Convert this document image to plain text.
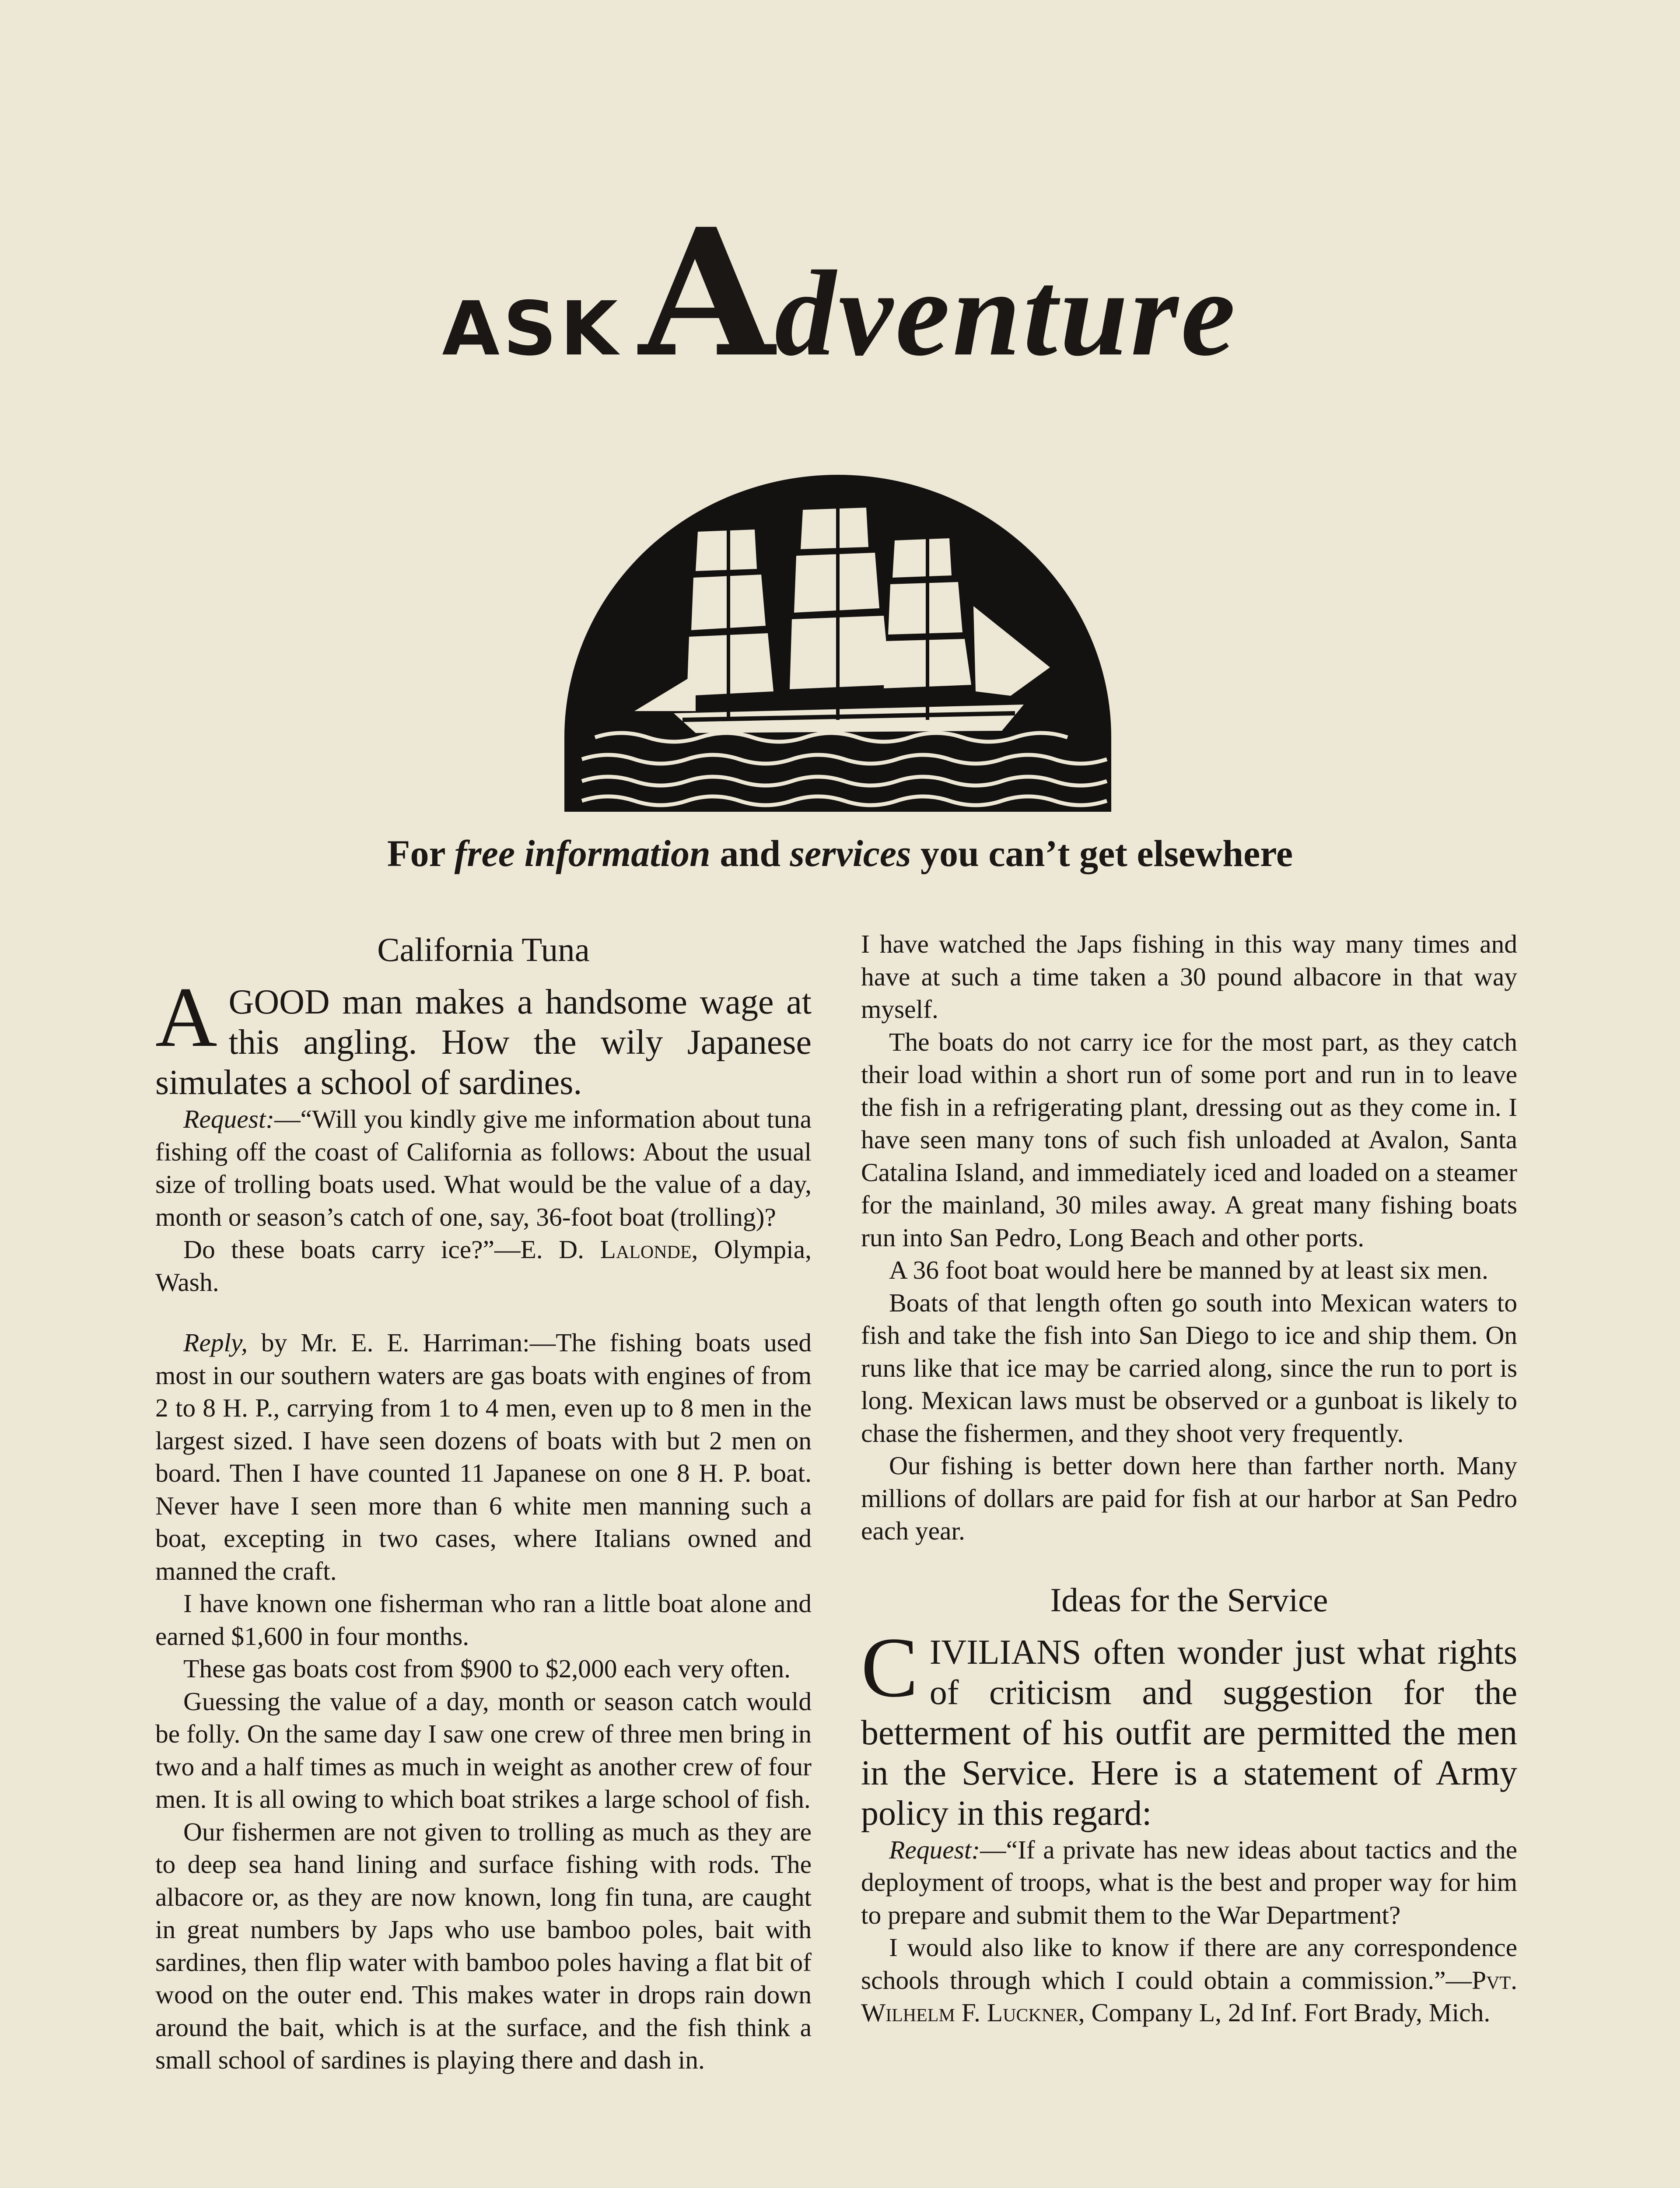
ASK Adventure
For free information and services you can’t get elsewhere
California Tuna

AGOOD man makes a handsome wage at this angling. How the wily Japanese simulates a school of sardines.

Request:—“Will you kindly give me information about tuna fishing off the coast of California as follows: About the usual size of trolling boats used. What would be the value of a day, month or season’s catch of one, say, 36-foot boat (trolling)?

Do these boats carry ice?”—E. D. Lalonde, Olympia, Wash.

Reply, by Mr. E. E. Harriman:—The fishing boats used most in our southern waters are gas boats with engines of from 2 to 8 H. P., carrying from 1 to 4 men, even up to 8 men in the largest sized. I have seen dozens of boats with but 2 men on board. Then I have counted 11 Japanese on one 8 H. P. boat. Never have I seen more than 6 white men manning such a boat, excepting in two cases, where Italians owned and manned the craft.

I have known one fisherman who ran a little boat alone and earned $1,600 in four months.

These gas boats cost from $900 to $2,000 each very often.

Guessing the value of a day, month or season catch would be folly. On the same day I saw one crew of three men bring in two and a half times as much in weight as another crew of four men. It is all owing to which boat strikes a large school of fish.

Our fishermen are not given to trolling as much as they are to deep sea hand lining and surface fishing with rods. The albacore or, as they are now known, long fin tuna, are caught in great numbers by Japs who use bamboo poles, bait with sardines, then flip water with bamboo poles having a flat bit of wood on the outer end. This makes water in drops rain down around the bait, which is at the surface, and the fish think a small school of sardines is playing there and dash in.

I have watched the Japs fishing in this way many times and have at such a time taken a 30 pound albacore in that way myself.

The boats do not carry ice for the most part, as they catch their load within a short run of some port and run in to leave the fish in a refrigerating plant, dressing out as they come in. I have seen many tons of such fish unloaded at Avalon, Santa Catalina Island, and immediately iced and loaded on a steamer for the mainland, 30 miles away. A great many fishing boats run into San Pedro, Long Beach and other ports.

A 36 foot boat would here be manned by at least six men.

Boats of that length often go south into Mexican waters to fish and take the fish into San Diego to ice and ship them. On runs like that ice may be carried along, since the run to port is long. Mexican laws must be observed or a gunboat is likely to chase the fishermen, and they shoot very frequently.

Our fishing is better down here than farther north. Many millions of dollars are paid for fish at our harbor at San Pedro each year.

Ideas for the Service

CIVILIANS often wonder just what rights of criticism and suggestion for the betterment of his outfit are permitted the men in the Service. Here is a statement of Army policy in this regard:

Request:—“If a private has new ideas about tactics and the deployment of troops, what is the best and proper way for him to prepare and submit them to the War Department?

I would also like to know if there are any correspondence schools through which I could obtain a commission.”—Pvt. Wilhelm F. Luckner, Company L, 2d Inf. Fort Brady, Mich.
